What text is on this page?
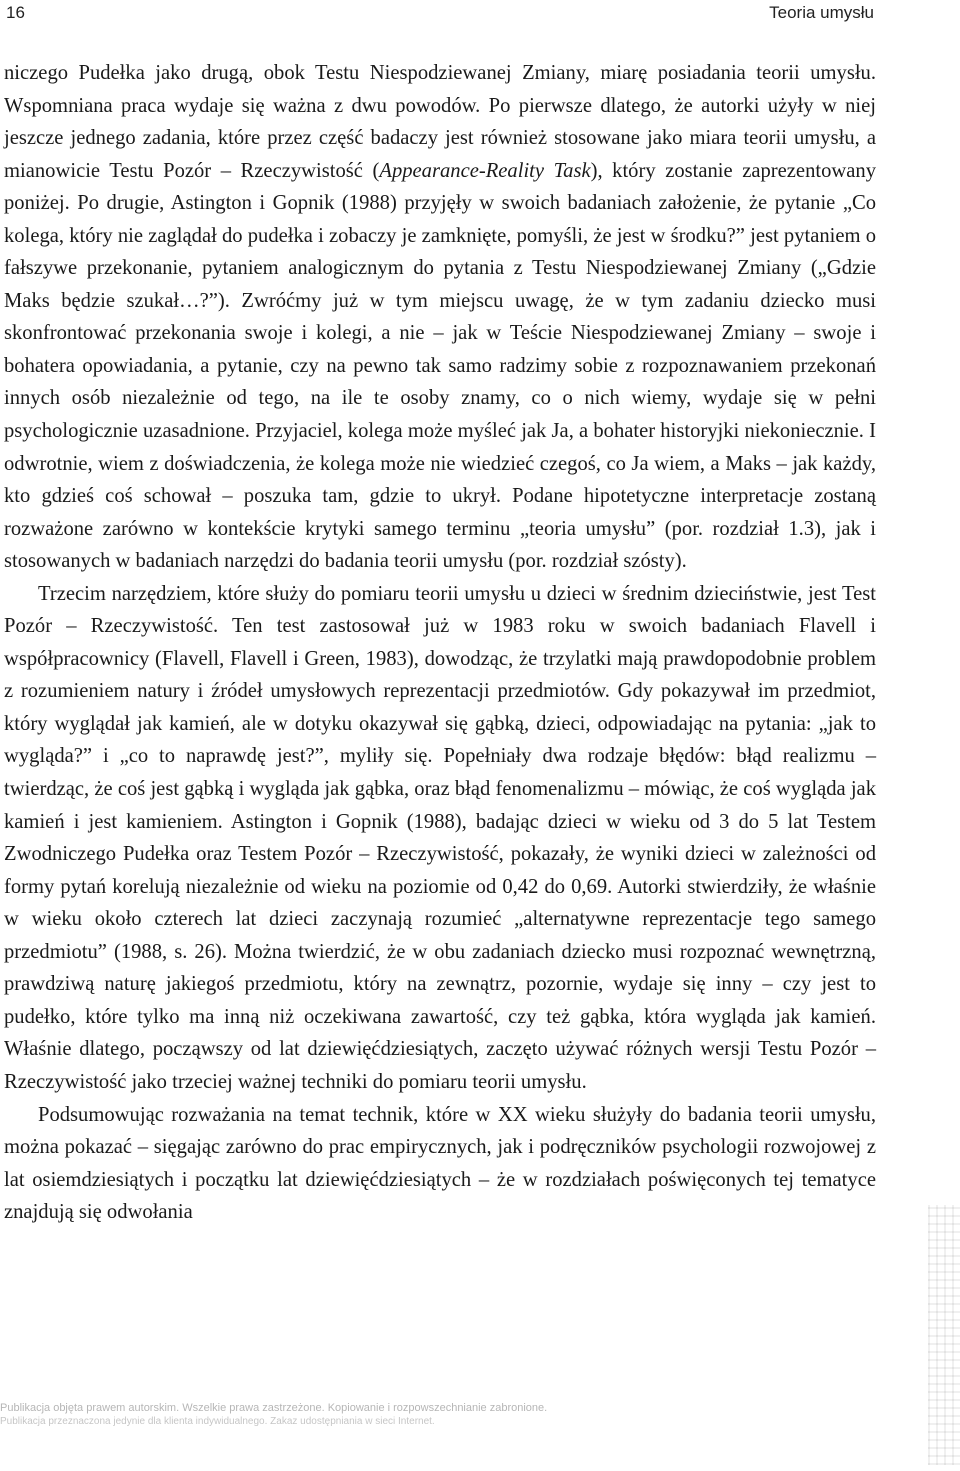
16	Teoria umysłu

niczego Pudełka jako drugą, obok Testu Niespodziewanej Zmiany, miarę posiadania teorii umysłu. Wspomniana praca wydaje się ważna z dwu powodów. Po pierwsze dlatego, że autorki użyły w niej jeszcze jednego zadania, które przez część badaczy jest również stosowane jako miara teorii umysłu, a mianowicie Testu Pozór – Rzeczywistość (Appearance-Reality Task), który zostanie zaprezentowany poniżej. Po drugie, Astington i Gopnik (1988) przyjęły w swoich badaniach założenie, że pytanie „Co kolega, który nie zaglądał do pudełka i zobaczy je zamknięte, pomyśli, że jest w środku?” jest pytaniem o fałszywe przekonanie, pytaniem analogicznym do pytania z Testu Niespodziewanej Zmiany („Gdzie Maks będzie szukał…?”). Zwróćmy już w tym miejscu uwagę, że w tym zadaniu dziecko musi skonfrontować przekonania swoje i kolegi, a nie – jak w Teście Niespodziewanej Zmiany – swoje i bohatera opowiadania, a pytanie, czy na pewno tak samo radzimy sobie z rozpoznawaniem przekonań innych osób niezależnie od tego, na ile te osoby znamy, co o nich wiemy, wydaje się w pełni psychologicznie uzasadnione. Przyjaciel, kolega może myśleć jak Ja, a bohater historyjki niekoniecznie. I odwrotnie, wiem z doświadczenia, że kolega może nie wiedzieć czegoś, co Ja wiem, a Maks – jak każdy, kto gdzieś coś schował – poszuka tam, gdzie to ukrył. Podane hipotetyczne interpretacje zostaną rozważone zarówno w kontekście krytyki samego terminu „teoria umysłu” (por. rozdział 1.3), jak i stosowanych w badaniach narzędzi do badania teorii umysłu (por. rozdział szósty).

Trzecim narzędziem, które służy do pomiaru teorii umysłu u dzieci w średnim dzieciństwie, jest Test Pozór – Rzeczywistość. Ten test zastosował już w 1983 roku w swoich badaniach Flavell i współpracownicy (Flavell, Flavell i Green, 1983), dowodząc, że trzylatki mają prawdopodobnie problem z rozumieniem natury i źródeł umysłowych reprezentacji przedmiotów. Gdy pokazywał im przedmiot, który wyglądał jak kamień, ale w dotyku okazywał się gąbką, dzieci, odpowiadając na pytania: „jak to wygląda?” i „co to naprawdę jest?”, myliły się. Popełniały dwa rodzaje błędów: błąd realizmu – twierdząc, że coś jest gąbką i wygląda jak gąbka, oraz błąd fenomenalizmu – mówiąc, że coś wygląda jak kamień i jest kamieniem. Astington i Gopnik (1988), badając dzieci w wieku od 3 do 5 lat Testem Zwodniczego Pudełka oraz Testem Pozór – Rzeczywistość, pokazały, że wyniki dzieci w zależności od formy pytań korelują niezależnie od wieku na poziomie od 0,42 do 0,69. Autorki stwierdziły, że właśnie w wieku około czterech lat dzieci zaczynają rozumieć „alternatywne reprezentacje tego samego przedmiotu” (1988, s. 26). Można twierdzić, że w obu zadaniach dziecko musi rozpoznać wewnętrzną, prawdziwą naturę jakiegoś przedmiotu, który na zewnątrz, pozornie, wydaje się inny – czy jest to pudełko, które tylko ma inną niż oczekiwana zawartość, czy też gąbka, która wygląda jak kamień. Właśnie dlatego, począwszy od lat dziewięćdziesiątych, zaczęto używać różnych wersji Testu Pozór – Rzeczywistość jako trzeciej ważnej techniki do pomiaru teorii umysłu.

Podsumowując rozważania na temat technik, które w XX wieku służyły do badania teorii umysłu, można pokazać – sięgając zarówno do prac empirycznych, jak i podręczników psychologii rozwojowej z lat osiemdziesiątych i początku lat dziewięćdziesiątych – że w rozdziałach poświęconych tej tematyce znajdują się odwołania

Publikacja objęta prawem autorskim. Wszelkie prawa zastrzeżone. Kopiowanie i rozpowszechnianie zabronione.
Publikacja przeznaczona jedynie dla klienta indywidualnego. Zakaz udostępniania w sieci Internet.
